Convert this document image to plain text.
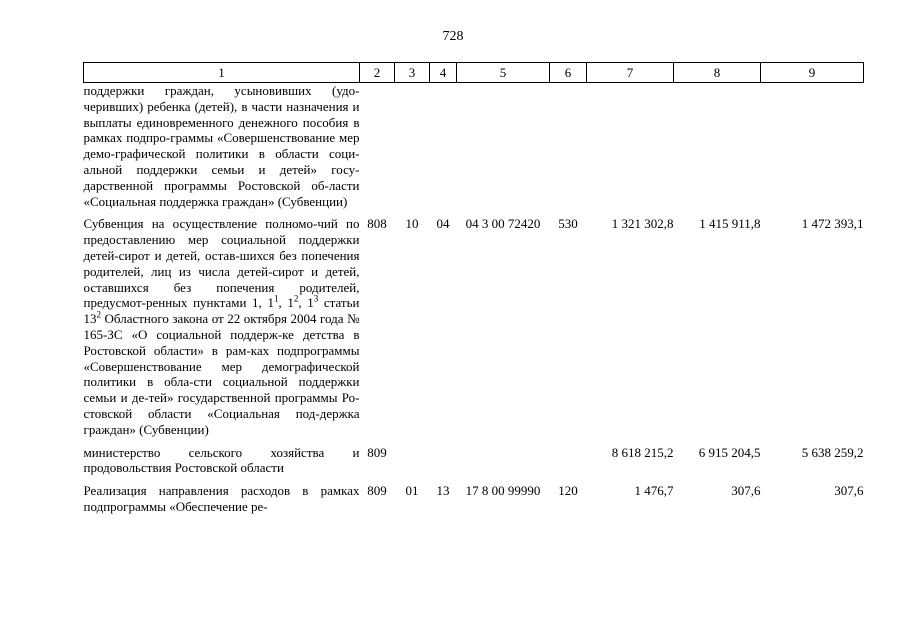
728
1	2	3	4	5	6	7	8	9
поддержки граждан, усыновивших (удо-черивших) ребенка (детей), в части назначения и выплаты единовременного денежного пособия в рамках подпро-граммы «Совершенствование мер демо-графической политики в области соци-альной поддержки семьи и детей» госу-дарственной программы Ростовской об-ласти «Социальная поддержка граждан» (Субвенции)								
Субвенция на осуществление полномо-чий по предоставлению мер социальной поддержки детей-сирот и детей, остав-шихся без попечения родителей, лиц из числа детей-сирот и детей, оставшихся без попечения родителей, предусмот-ренных пунктами 1, $1^1$, $1^2$, $1^3$ статьи $13^2$ Областного закона от 22 октября 2004 года № 165-ЗС «О социальной поддерж-ке детства в Ростовской области» в рам-ках подпрограммы «Совершенствование мер демографической политики в обла-сти социальной поддержки семьи и де-тей» государственной программы Ро-стовской области «Социальная под-держка граждан» (Субвенции)	808	10	04	04 3 00 72420	530	1 321 302,8	1 415 911,8	1 472 393,1
министерство сельского хозяйства и продовольствия Ростовской области	809					8 618 215,2	6 915 204,5	5 638 259,2
Реализация направления расходов в рамках подпрограммы «Обеспечение ре-	809	01	13	17 8 00 99990	120	1 476,7	307,6	307,6
